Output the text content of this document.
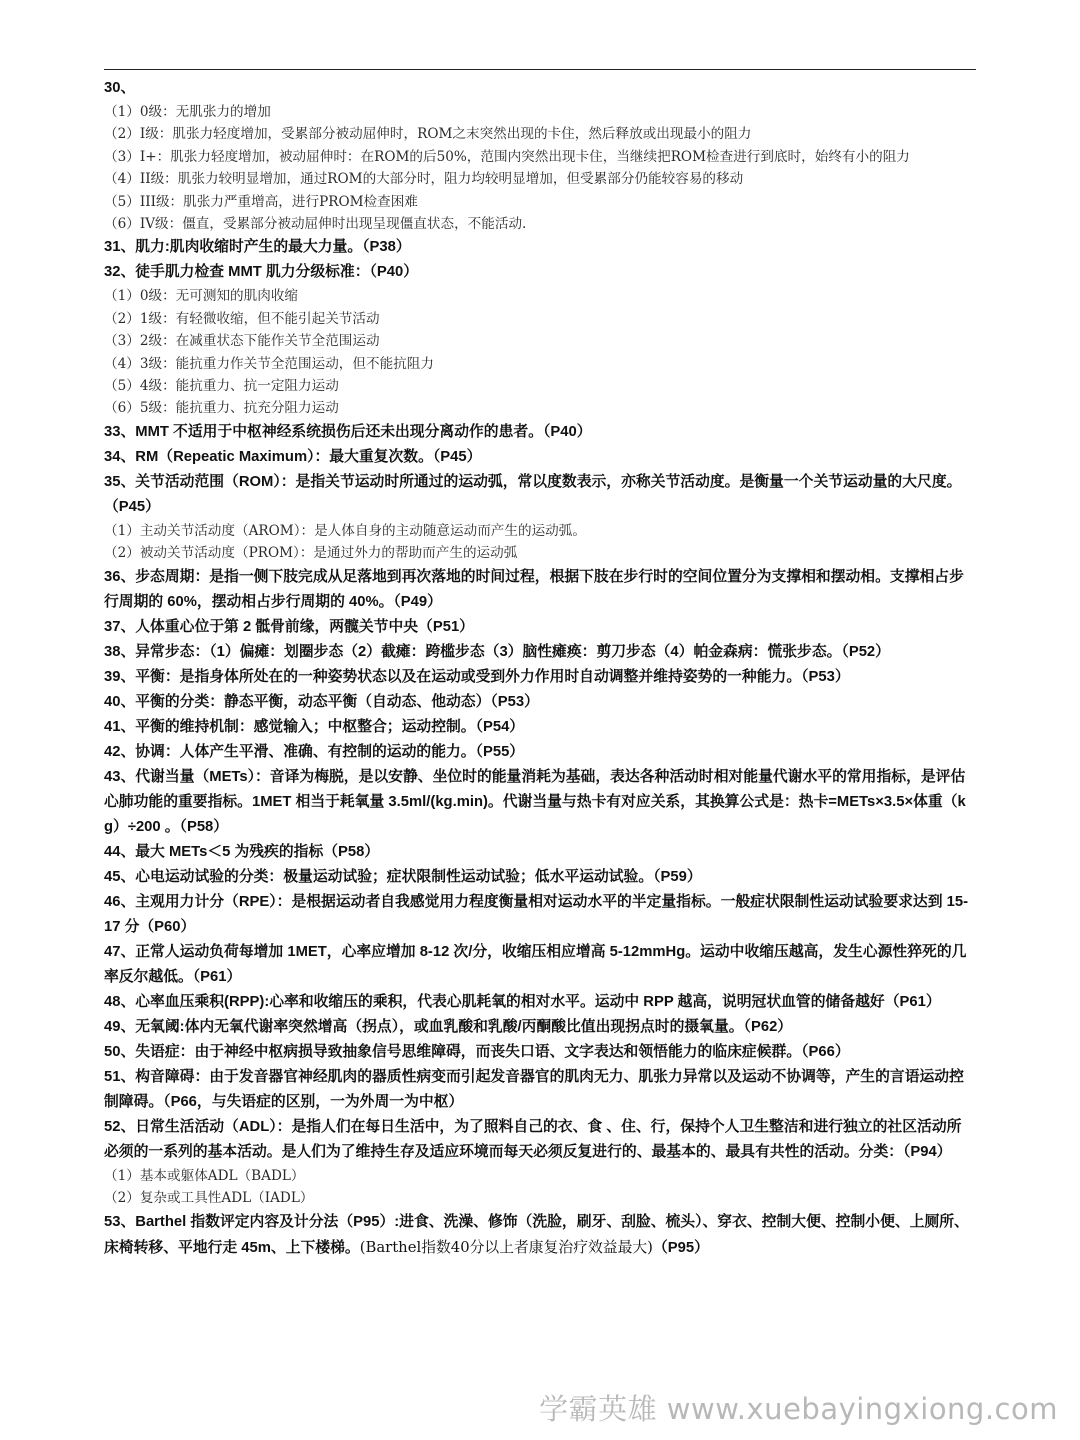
30、

（1）0级：无肌张力的增加

（2）I级：肌张力轻度增加，受累部分被动屈伸时，ROM之末突然出现的卡住，然后释放或出现最小的阻力

（3）I+：肌张力轻度增加，被动屈伸时：在ROM的后50%，范围内突然出现卡住，当继续把ROM检查进行到底时，始终有小的阻力

（4）II级：肌张力较明显增加，通过ROM的大部分时，阻力均较明显增加，但受累部分仍能较容易的移动

（5）III级：肌张力严重增高，进行PROM检查困难

（6）IV级：僵直，受累部分被动屈伸时出现呈现僵直状态，不能活动.

31、肌力:肌肉收缩时产生的最大力量。（P38）

32、徒手肌力检查 MMT 肌力分级标准：（P40）

（1）0级：无可测知的肌肉收缩

（2）1级：有轻微收缩，但不能引起关节活动

（3）2级：在减重状态下能作关节全范围运动

（4）3级：能抗重力作关节全范围运动，但不能抗阻力

（5）4级：能抗重力、抗一定阻力运动

（6）5级：能抗重力、抗充分阻力运动

33、MMT 不适用于中枢神经系统损伤后还未出现分离动作的患者。（P40）

34、RM（Repeatic Maximum）：最大重复次数。（P45）

35、关节活动范围（ROM）：是指关节运动时所通过的运动弧，常以度数表示，亦称关节活动度。是衡量一个关节运动量的大尺度。（P45）

（1）主动关节活动度（AROM）：是人体自身的主动随意运动而产生的运动弧。

（2）被动关节活动度（PROM）：是通过外力的帮助而产生的运动弧

36、步态周期：是指一侧下肢完成从足落地到再次落地的时间过程，根据下肢在步行时的空间位置分为支撑相和摆动相。支撑相占步行周期的 60%，摆动相占步行周期的 40%。（P49）

37、人体重心位于第 2 骶骨前缘，两髋关节中央（P51）

38、异常步态：（1）偏瘫：划圈步态（2）截瘫：跨槛步态（3）脑性瘫痪：剪刀步态（4）帕金森病：慌张步态。（P52）

39、平衡：是指身体所处在的一种姿势状态以及在运动或受到外力作用时自动调整并维持姿势的一种能力。（P53）

40、平衡的分类：静态平衡，动态平衡（自动态、他动态）（P53）

41、平衡的维持机制：感觉输入；中枢整合；运动控制。（P54）

42、协调：人体产生平滑、准确、有控制的运动的能力。（P55）

43、代谢当量（METs）：音译为梅脱，是以安静、坐位时的能量消耗为基础，表达各种活动时相对能量代谢水平的常用指标，是评估心肺功能的重要指标。1MET 相当于耗氧量 3.5ml/(kg.min)。代谢当量与热卡有对应关系，其换算公式是：热卡=METs×3.5×体重（kg）÷200 。（P58）

44、最大 METs＜5 为残疾的指标（P58）

45、心电运动试验的分类：极量运动试验；症状限制性运动试验；低水平运动试验。（P59）

46、主观用力计分（RPE）：是根据运动者自我感觉用力程度衡量相对运动水平的半定量指标。一般症状限制性运动试验要求达到 15-17 分（P60）

47、正常人运动负荷每增加 1MET，心率应增加 8-12 次/分，收缩压相应增高 5-12mmHg。运动中收缩压越高，发生心源性猝死的几率反尔越低。（P61）

48、心率血压乘积(RPP):心率和收缩压的乘积，代表心肌耗氧的相对水平。运动中 RPP 越高，说明冠状血管的储备越好（P61）

49、无氧阈:体内无氧代谢率突然增高（拐点），或血乳酸和乳酸/丙酮酸比值出现拐点时的摄氧量。（P62）

50、失语症：由于神经中枢病损导致抽象信号思维障碍，而丧失口语、文字表达和领悟能力的临床症候群。（P66）

51、构音障碍：由于发音器官神经肌肉的器质性病变而引起发音器官的肌肉无力、肌张力异常以及运动不协调等，产生的言语运动控制障碍。（P66，与失语症的区别，一为外周一为中枢）

52、日常生活活动（ADL）：是指人们在每日生活中，为了照料自己的衣、食 、住、行，保持个人卫生整洁和进行独立的社区活动所必须的一系列的基本活动。是人们为了维持生存及适应环境而每天必须反复进行的、最基本的、最具有共性的活动。分类：（P94）

（1）基本或躯体ADL（BADL）

（2）复杂或工具性ADL（IADL）

53、Barthel 指数评定内容及计分法（P95）:进食、洗澡、修饰（洗脸，刷牙、刮脸、梳头）、穿衣、控制大便、控制小便、上厕所、床椅转移、平地行走 45m、上下楼梯。(Barthel指数40分以上者康复治疗效益最大)（P95）

学霸英雄 www.xuebayingxiong.com
